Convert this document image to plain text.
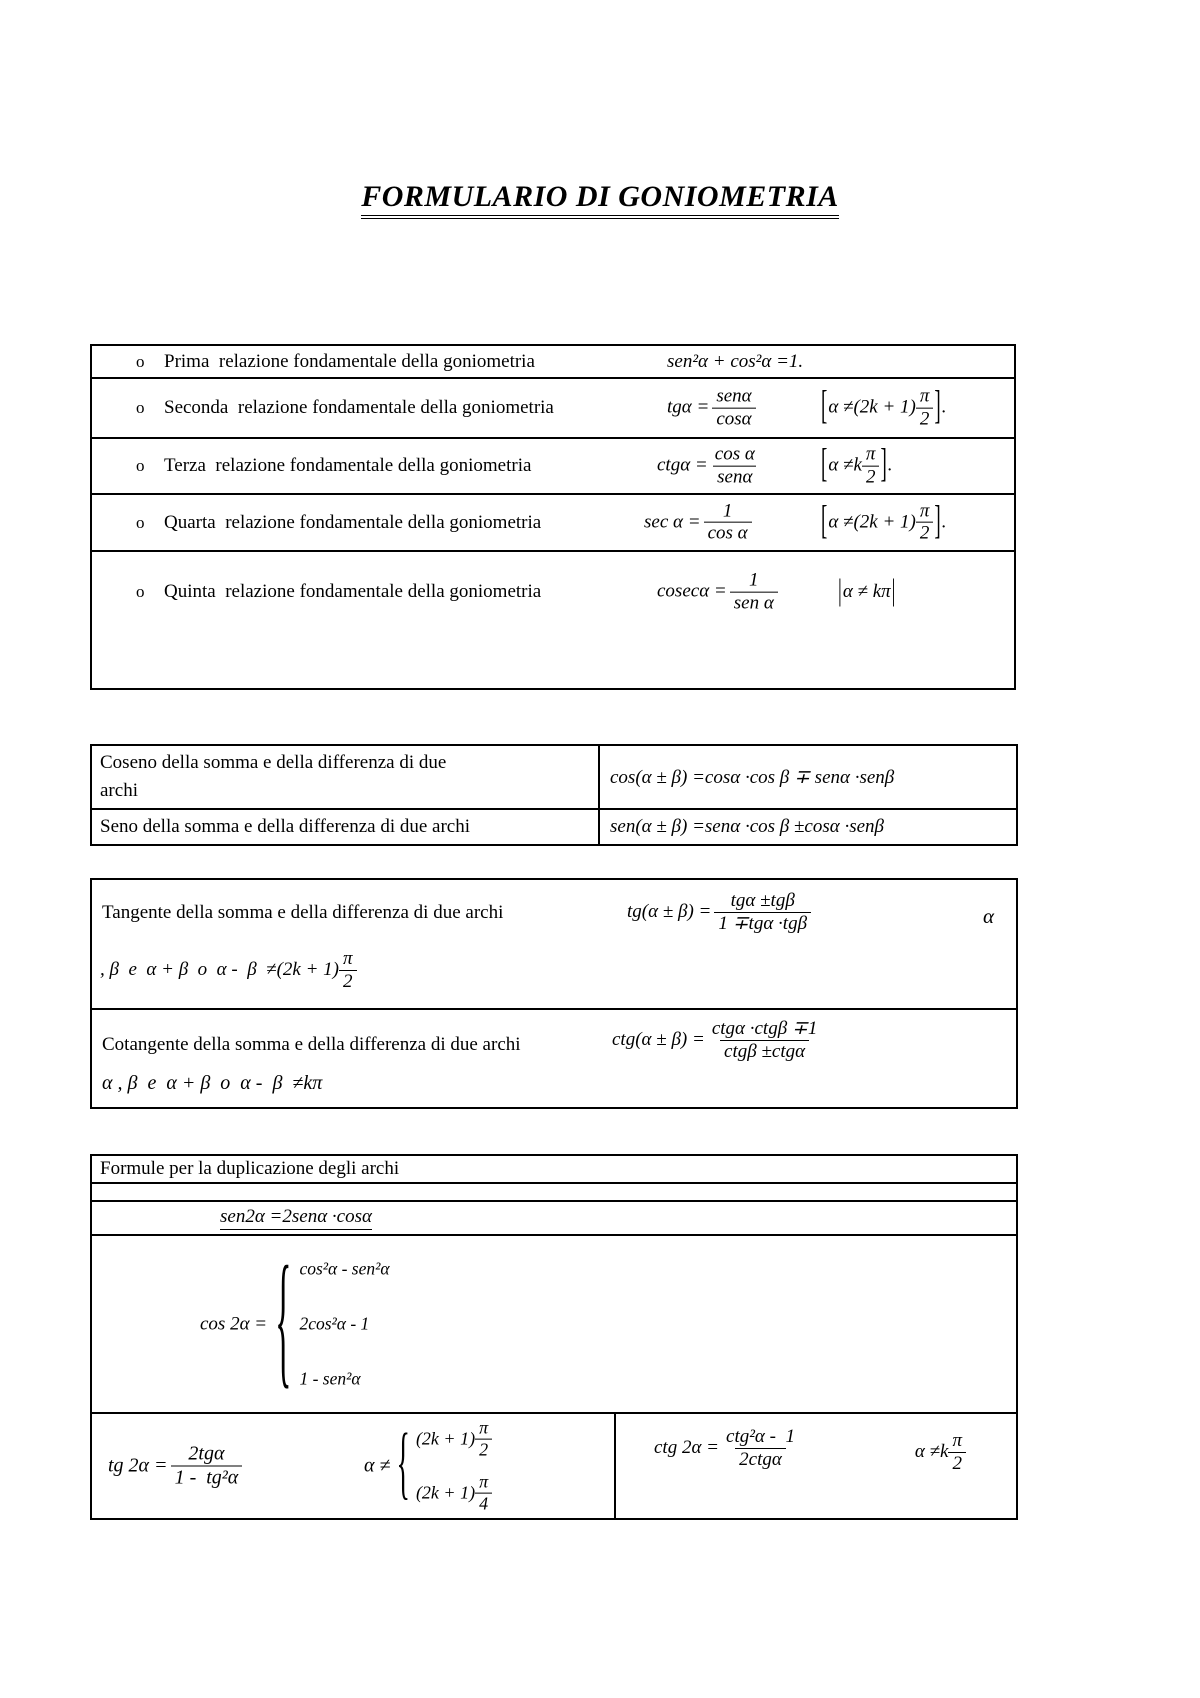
FORMULARIO DI GONIOMETRIA
o Prima  relazione fondamentale della goniometria	sen²α + cos²α =1.
o Seconda  relazione fondamentale della goniometria	$tg\alpha = \frac{\text{senα}}{\cos\alpha}$	[ $\alpha \ne(2k + 1) \frac{\pi}{2}$ ] .
o Terza  relazione fondamentale della goniometria	$ctg\alpha = \frac{\text{cos α}}{\text{senα}}$	[ $\alpha \ne k \frac{\pi}{2}$ ] .
o Quarta  relazione fondamentale della goniometria	$\sec \alpha = \frac{1}{\text{cos α}}$	[ $\alpha \ne(2k + 1) \frac{\pi}{2}$ ] .
o Quinta  relazione fondamentale della goniometria	$cosec\alpha = \frac{1}{\text{sen α}}$	| α ≠ kπ |
Coseno della somma e della differenza di due
archi
cos(α ± β) =cosα ·cos β ∓ senα ·senβ
Seno della somma e della differenza di due archi	sen(α ± β) =senα ·cos β ±cosα ·senβ
Tangente della somma e della differenza di due archi	$tg(\alpha \pm \beta) = \frac{\text{tgα ±tgβ}}{\text{1 ∓tgα ·tgβ}}$	α
, β  e  α + β  o  $\alpha - \beta \ne(2k + 1) \frac{\pi}{2}$
Cotangente della somma e della differenza di due archi	$ctg(\alpha \pm \beta) = \frac{\text{ctgα ·ctgβ ∓1}}{\text{ctgβ ±ctgα}}$
α , β  e  α + β  o  α -  β  ≠kπ
Formule per la duplicazione degli archi
sen2α =2senα ·cosα
cos 2α = { cos²α - sen²α
2cos²α - 1
1 - sen²α
tg $2\alpha = \frac{\text{2tgα}}{\text{1 -  tg²α}}$	α ≠ { $(2k + 1) \frac{\pi}{2}$
$(2k + 1) \frac{\pi}{4}$
ctg $2\alpha = \frac{\text{ctg²α -  1}}{\text{2ctgα}}$	$\alpha \ne k \frac{\pi}{2}$
